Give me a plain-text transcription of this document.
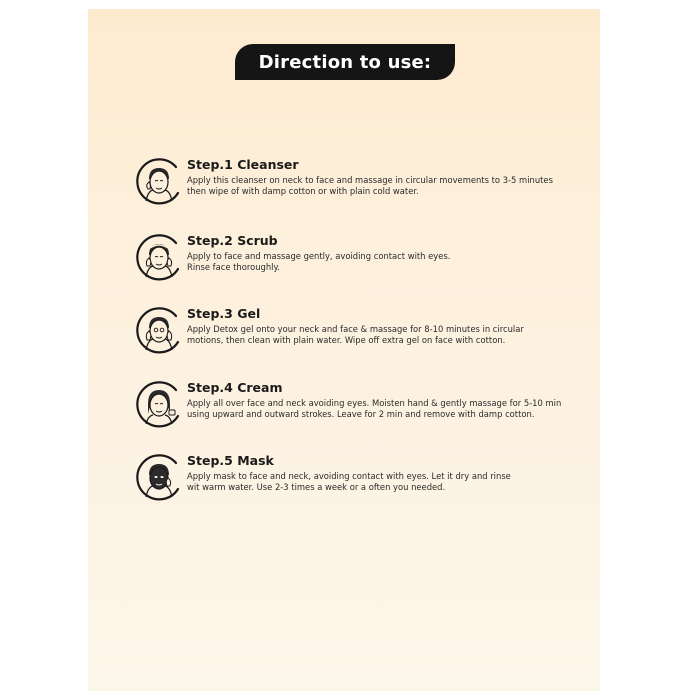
Direction to use:
Step.1 Cleanser

Apply this cleanser on neck to face and massage in circular movements to 3-5 minutes
then wipe of with damp cotton or with plain cold water.

Step.2 Scrub

Apply to face and massage gently, avoiding contact with eyes.
Rinse face thoroughly.

Step.3 Gel

Apply Detox gel onto your neck and face & massage for 8-10 minutes in circular
motions, then clean with plain water. Wipe off extra gel on face with cotton.

Step.4 Cream

Apply all over face and neck avoiding eyes. Moisten hand & gently massage for 5-10 min
using upward and outward strokes. Leave for 2 min and remove with damp cotton.

Step.5 Mask

Apply mask to face and neck, avoiding contact with eyes. Let it dry and rinse
wit warm water. Use 2-3 times a week or a often you needed.
